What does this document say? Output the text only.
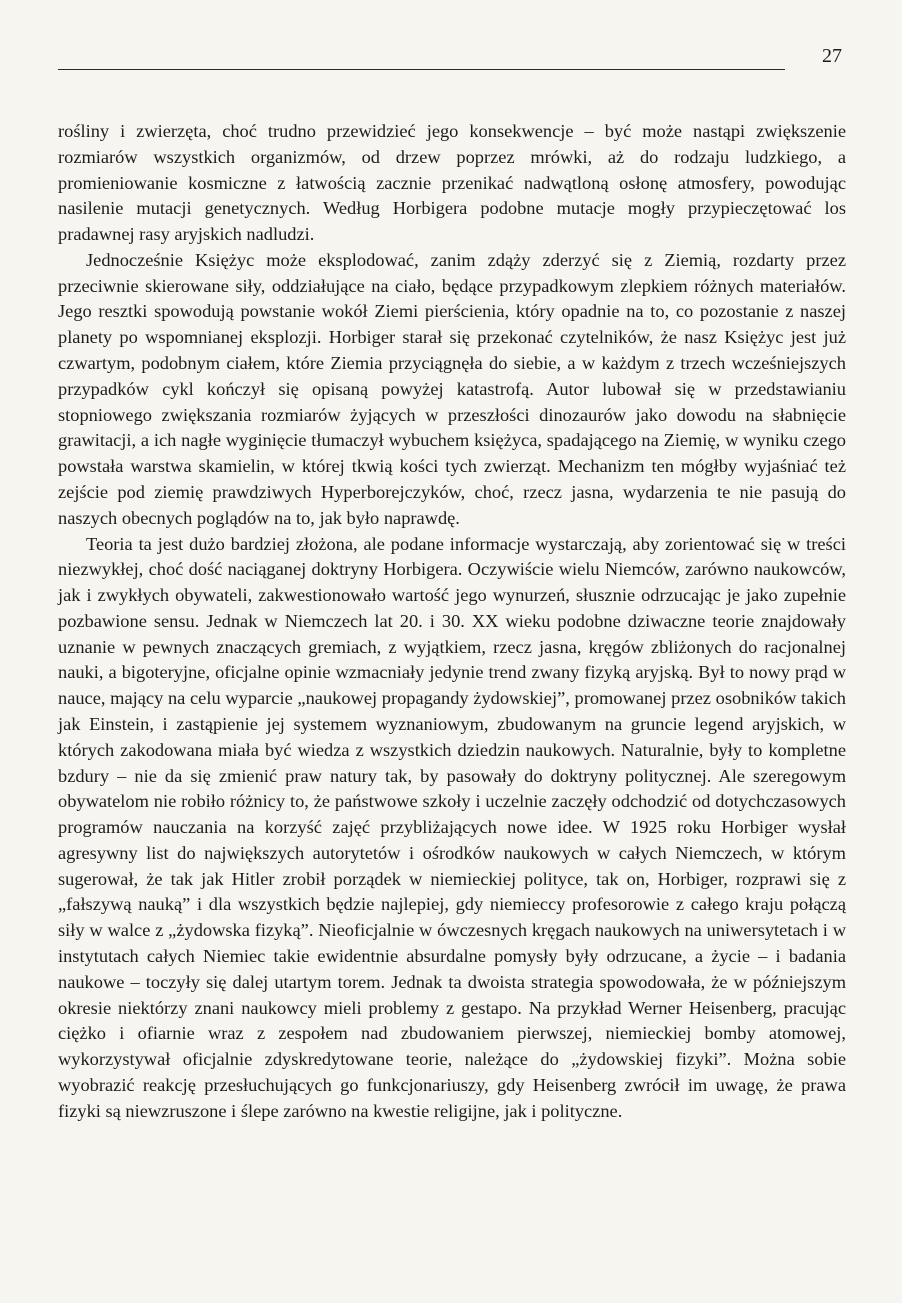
27

rośliny i zwierzęta, choć trudno przewidzieć jego konsekwencje – być może nastąpi zwiększenie rozmiarów wszystkich organizmów, od drzew poprzez mrówki, aż do rodzaju ludzkiego, a promieniowanie kosmiczne z łatwością zacznie przenikać nadwątloną osłonę atmosfery, powodując nasilenie mutacji genetycznych. Według Horbigera podobne mutacje mogły przypieczętować los pradawnej rasy aryjskich nadludzi.

Jednocześnie Księżyc może eksplodować, zanim zdąży zderzyć się z Ziemią, rozdarty przez przeciwnie skierowane siły, oddziałujące na ciało, będące przypadkowym zlepkiem różnych materiałów. Jego resztki spowodują powstanie wokół Ziemi pierścienia, który opadnie na to, co pozostanie z naszej planety po wspomnianej eksplozji. Horbiger starał się przekonać czytelników, że nasz Księżyc jest już czwartym, podobnym ciałem, które Ziemia przyciągnęła do siebie, a w każdym z trzech wcześniejszych przypadków cykl kończył się opisaną powyżej katastrofą. Autor lubował się w przedstawianiu stopniowego zwiększania rozmiarów żyjących w przeszłości dinozaurów jako dowodu na słabnięcie grawitacji, a ich nagłe wyginięcie tłumaczył wybuchem księżyca, spadającego na Ziemię, w wyniku czego powstała warstwa skamielin, w której tkwią kości tych zwierząt. Mechanizm ten mógłby wyjaśniać też zejście pod ziemię prawdziwych Hyperborejczyków, choć, rzecz jasna, wydarzenia te nie pasują do naszych obecnych poglądów na to, jak było naprawdę.

Teoria ta jest dużo bardziej złożona, ale podane informacje wystarczają, aby zorientować się w treści niezwykłej, choć dość naciąganej doktryny Horbigera. Oczywiście wielu Niemców, zarówno naukowców, jak i zwykłych obywateli, zakwestionowało wartość jego wynurzeń, słusznie odrzucając je jako zupełnie pozbawione sensu. Jednak w Niemczech lat 20. i 30. XX wieku podobne dziwaczne teorie znajdowały uznanie w pewnych znaczących gremiach, z wyjątkiem, rzecz jasna, kręgów zbliżonych do racjonalnej nauki, a bigoteryjne, oficjalne opinie wzmacniały jedynie trend zwany fizyką aryjską. Był to nowy prąd w nauce, mający na celu wyparcie „naukowej propagandy żydowskiej”, promowanej przez osobników takich jak Einstein, i zastąpienie jej systemem wyznaniowym, zbudowanym na gruncie legend aryjskich, w których zakodowana miała być wiedza z wszystkich dziedzin naukowych. Naturalnie, były to kompletne bzdury – nie da się zmienić praw natury tak, by pasowały do doktryny politycznej. Ale szeregowym obywatelom nie robiło różnicy to, że państwowe szkoły i uczelnie zaczęły odchodzić od dotychczasowych programów nauczania na korzyść zajęć przybliżających nowe idee. W 1925 roku Horbiger wysłał agresywny list do największych autorytetów i ośrodków naukowych w całych Niemczech, w którym sugerował, że tak jak Hitler zrobił porządek w niemieckiej polityce, tak on, Horbiger, rozprawi się z „fałszywą nauką” i dla wszystkich będzie najlepiej, gdy niemieccy profesorowie z całego kraju połączą siły w walce z „żydowska fizyką”. Nieoficjalnie w ówczesnych kręgach naukowych na uniwersytetach i w instytutach całych Niemiec takie ewidentnie absurdalne pomysły były odrzucane, a życie – i badania naukowe – toczyły się dalej utartym torem. Jednak ta dwoista strategia spowodowała, że w późniejszym okresie niektórzy znani naukowcy mieli problemy z gestapo. Na przykład Werner Heisenberg, pracując ciężko i ofiarnie wraz z zespołem nad zbudowaniem pierwszej, niemieckiej bomby atomowej, wykorzystywał oficjalnie zdyskredytowane teorie, należące do „żydowskiej fizyki”. Można sobie wyobrazić reakcję przesłuchujących go funkcjonariuszy, gdy Heisenberg zwrócił im uwagę, że prawa fizyki są niewzruszone i ślepe zarówno na kwestie religijne, jak i polityczne.
